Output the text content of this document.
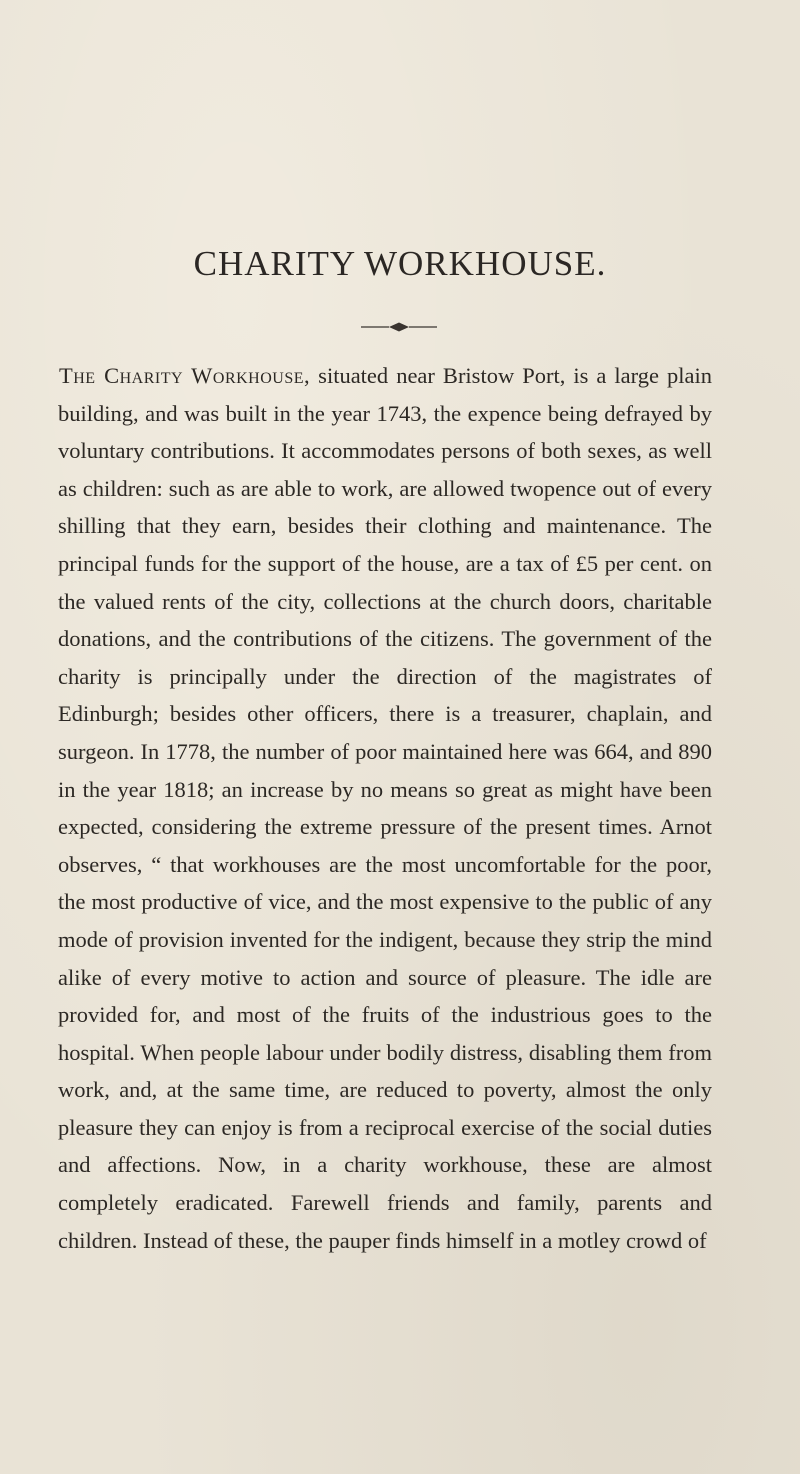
CHARITY WORKHOUSE.

The Charity Workhouse, situated near Bristow Port, is a large plain building, and was built in the year 1743, the expence being defrayed by voluntary contributions. It accommodates persons of both sexes, as well as children: such as are able to work, are allowed twopence out of every shilling that they earn, besides their clothing and maintenance. The principal funds for the support of the house, are a tax of £5 per cent. on the valued rents of the city, collections at the church doors, charitable donations, and the contributions of the citizens. The government of the charity is principally under the direction of the magistrates of Edinburgh; besides other officers, there is a treasurer, chaplain, and surgeon. In 1778, the number of poor maintained here was 664, and 890 in the year 1818; an increase by no means so great as might have been expected, considering the extreme pressure of the present times. Arnot observes, “ that workhouses are the most uncomfortable for the poor, the most productive of vice, and the most expensive to the public of any mode of provision invented for the indigent, because they strip the mind alike of every motive to action and source of pleasure. The idle are provided for, and most of the fruits of the industrious goes to the hospital. When people labour under bodily distress, disabling them from work, and, at the same time, are reduced to poverty, almost the only pleasure they can enjoy is from a reciprocal exercise of the social duties and affections. Now, in a charity workhouse, these are almost completely eradicated. Farewell friends and family, parents and children. Instead of these, the pauper finds himself in a motley crowd of
